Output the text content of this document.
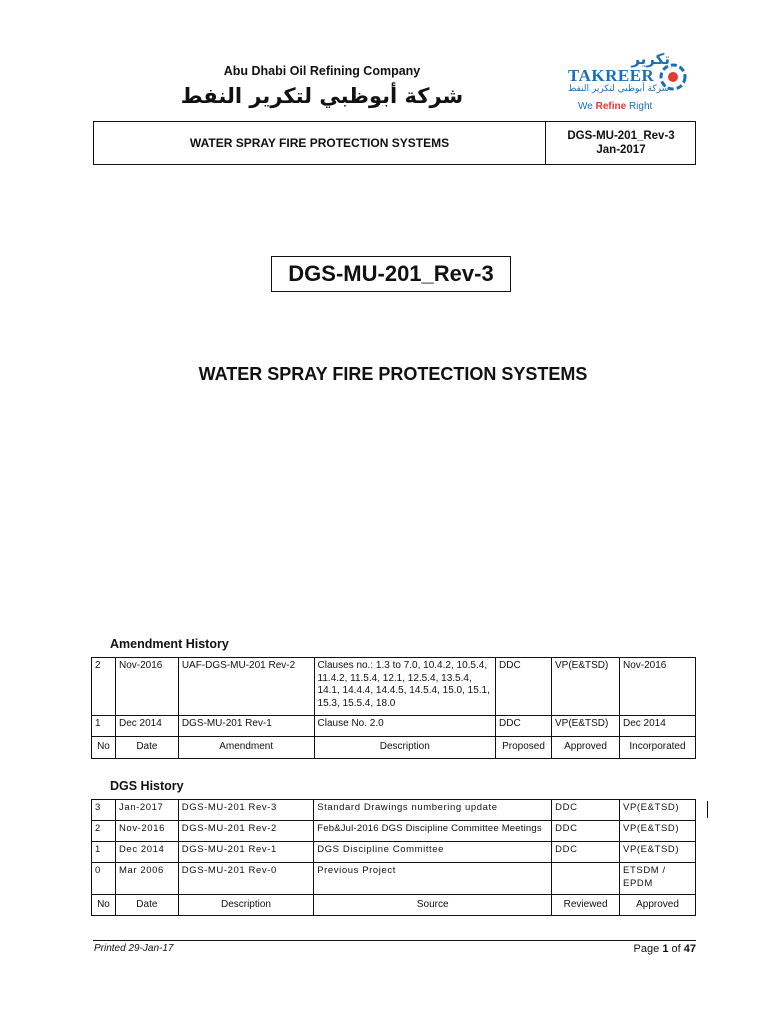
Abu Dhabi Oil Refining Company
شركة أبوظبي لتكرير النفط
تكرير
TAKREER
شركة أبوظبي لتكرير النفط
We Refine Right
WATER SPRAY FIRE PROTECTION SYSTEMS	DGS-MU-201_Rev-3
Jan-2017
DGS-MU-201_Rev-3
WATER SPRAY FIRE PROTECTION SYSTEMS
Amendment History
2	Nov-2016	UAF-DGS-MU-201 Rev-2	Clauses no.: 1.3 to 7.0, 10.4.2, 10.5.4, 11.4.2, 11.5.4, 12.1, 12.5.4, 13.5.4, 14.1, 14.4.4, 14.4.5, 14.5.4, 15.0, 15.1, 15.3, 15.5.4, 18.0	DDC	VP(E&TSD)	Nov-2016
1	Dec 2014	DGS-MU-201 Rev-1	Clause No. 2.0	DDC	VP(E&TSD)	Dec 2014
No	Date	Amendment	Description	Proposed	Approved	Incorporated
DGS History
3	Jan-2017	DGS-MU-201 Rev-3	Standard Drawings numbering update	DDC	VP(E&TSD)
2	Nov-2016	DGS-MU-201 Rev-2	Feb&Jul-2016 DGS Discipline Committee Meetings	DDC	VP(E&TSD)
1	Dec 2014	DGS-MU-201 Rev-1	DGS Discipline Committee	DDC	VP(E&TSD)
0	Mar 2006	DGS-MU-201 Rev-0	Previous Project		ETSDM / EPDM
No	Date	Description	Source	Reviewed	Approved
Printed 29-Jan-17	Page 1 of 47
